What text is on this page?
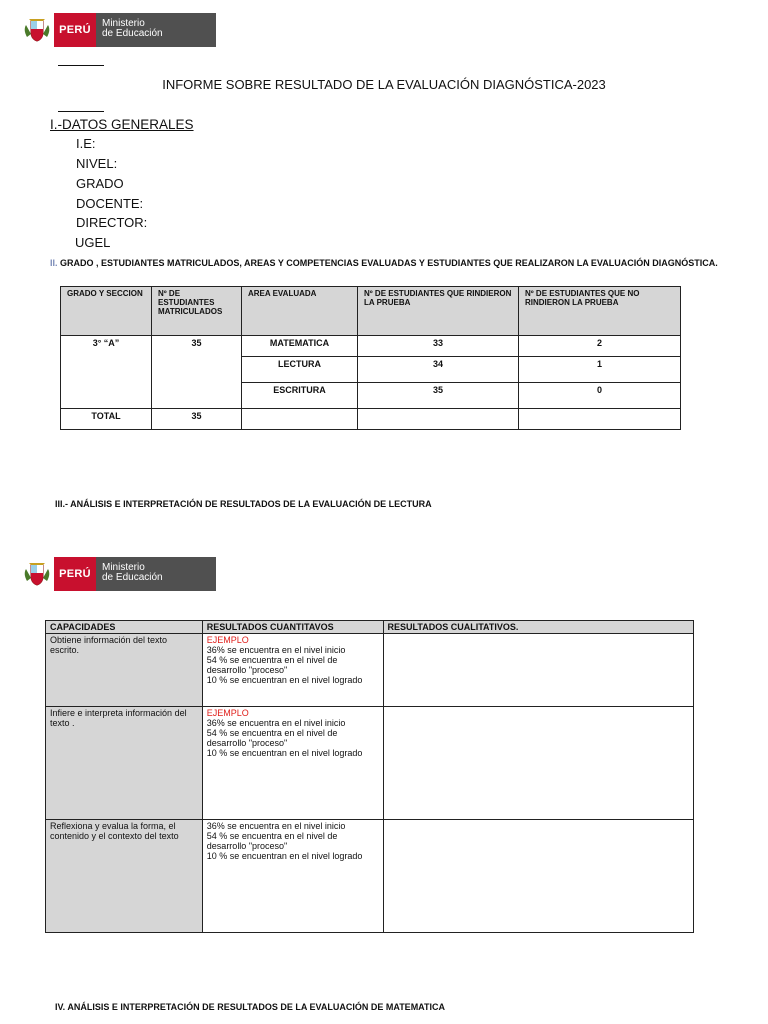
PERÚ
Ministerio
de Educación
INFORME SOBRE RESULTADO DE LA EVALUACIÓN DIAGNÓSTICA-2023
I.-DATOS GENERALES
I.E:
NIVEL:
GRADO
DOCENTE:
DIRECTOR:
UGEL
II. GRADO , ESTUDIANTES MATRICULADOS, AREAS Y COMPETENCIAS EVALUADAS Y ESTUDIANTES QUE REALIZARON LA EVALUACIÓN DIAGNÓSTICA.
GRADO Y SECCION	Nº DE ESTUDIANTES MATRICULADOS	AREA EVALUADA	Nº DE ESTUDIANTES QUE RINDIERON LA PRUEBA	Nº DE ESTUDIANTES QUE NO RINDIERON LA PRUEBA
3° “A”	35	MATEMATICA	33	2
		LECTURA	34	1
		ESCRITURA	35	0
TOTAL	35			
III.- ANÁLISIS E INTERPRETACIÓN DE RESULTADOS DE LA EVALUACIÓN DE LECTURA
PERÚ
Ministerio
de Educación
CAPACIDADES	RESULTADOS CUANTITAVOS	RESULTADOS CUALITATIVOS.
Obtiene información del texto escrito.	EJEMPLO
36% se encuentra en el nivel inicio
54 % se encuentra en el nivel de desarrollo "proceso"
10 % se encuentran en el nivel logrado	

Infiere e interpreta información del texto .	EJEMPLO
36% se encuentra en el nivel inicio
54 % se encuentra en el nivel de desarrollo "proceso"
10 % se encuentran en el nivel logrado	

Reflexiona y evalua la forma, el contenido y el contexto del texto	36% se encuentra en el nivel inicio
54 % se encuentra en el nivel de desarrollo "proceso"
10 % se encuentran en el nivel logrado	

IV. ANÁLISIS E INTERPRETACIÓN DE RESULTADOS DE LA EVALUACIÓN DE MATEMATICA
